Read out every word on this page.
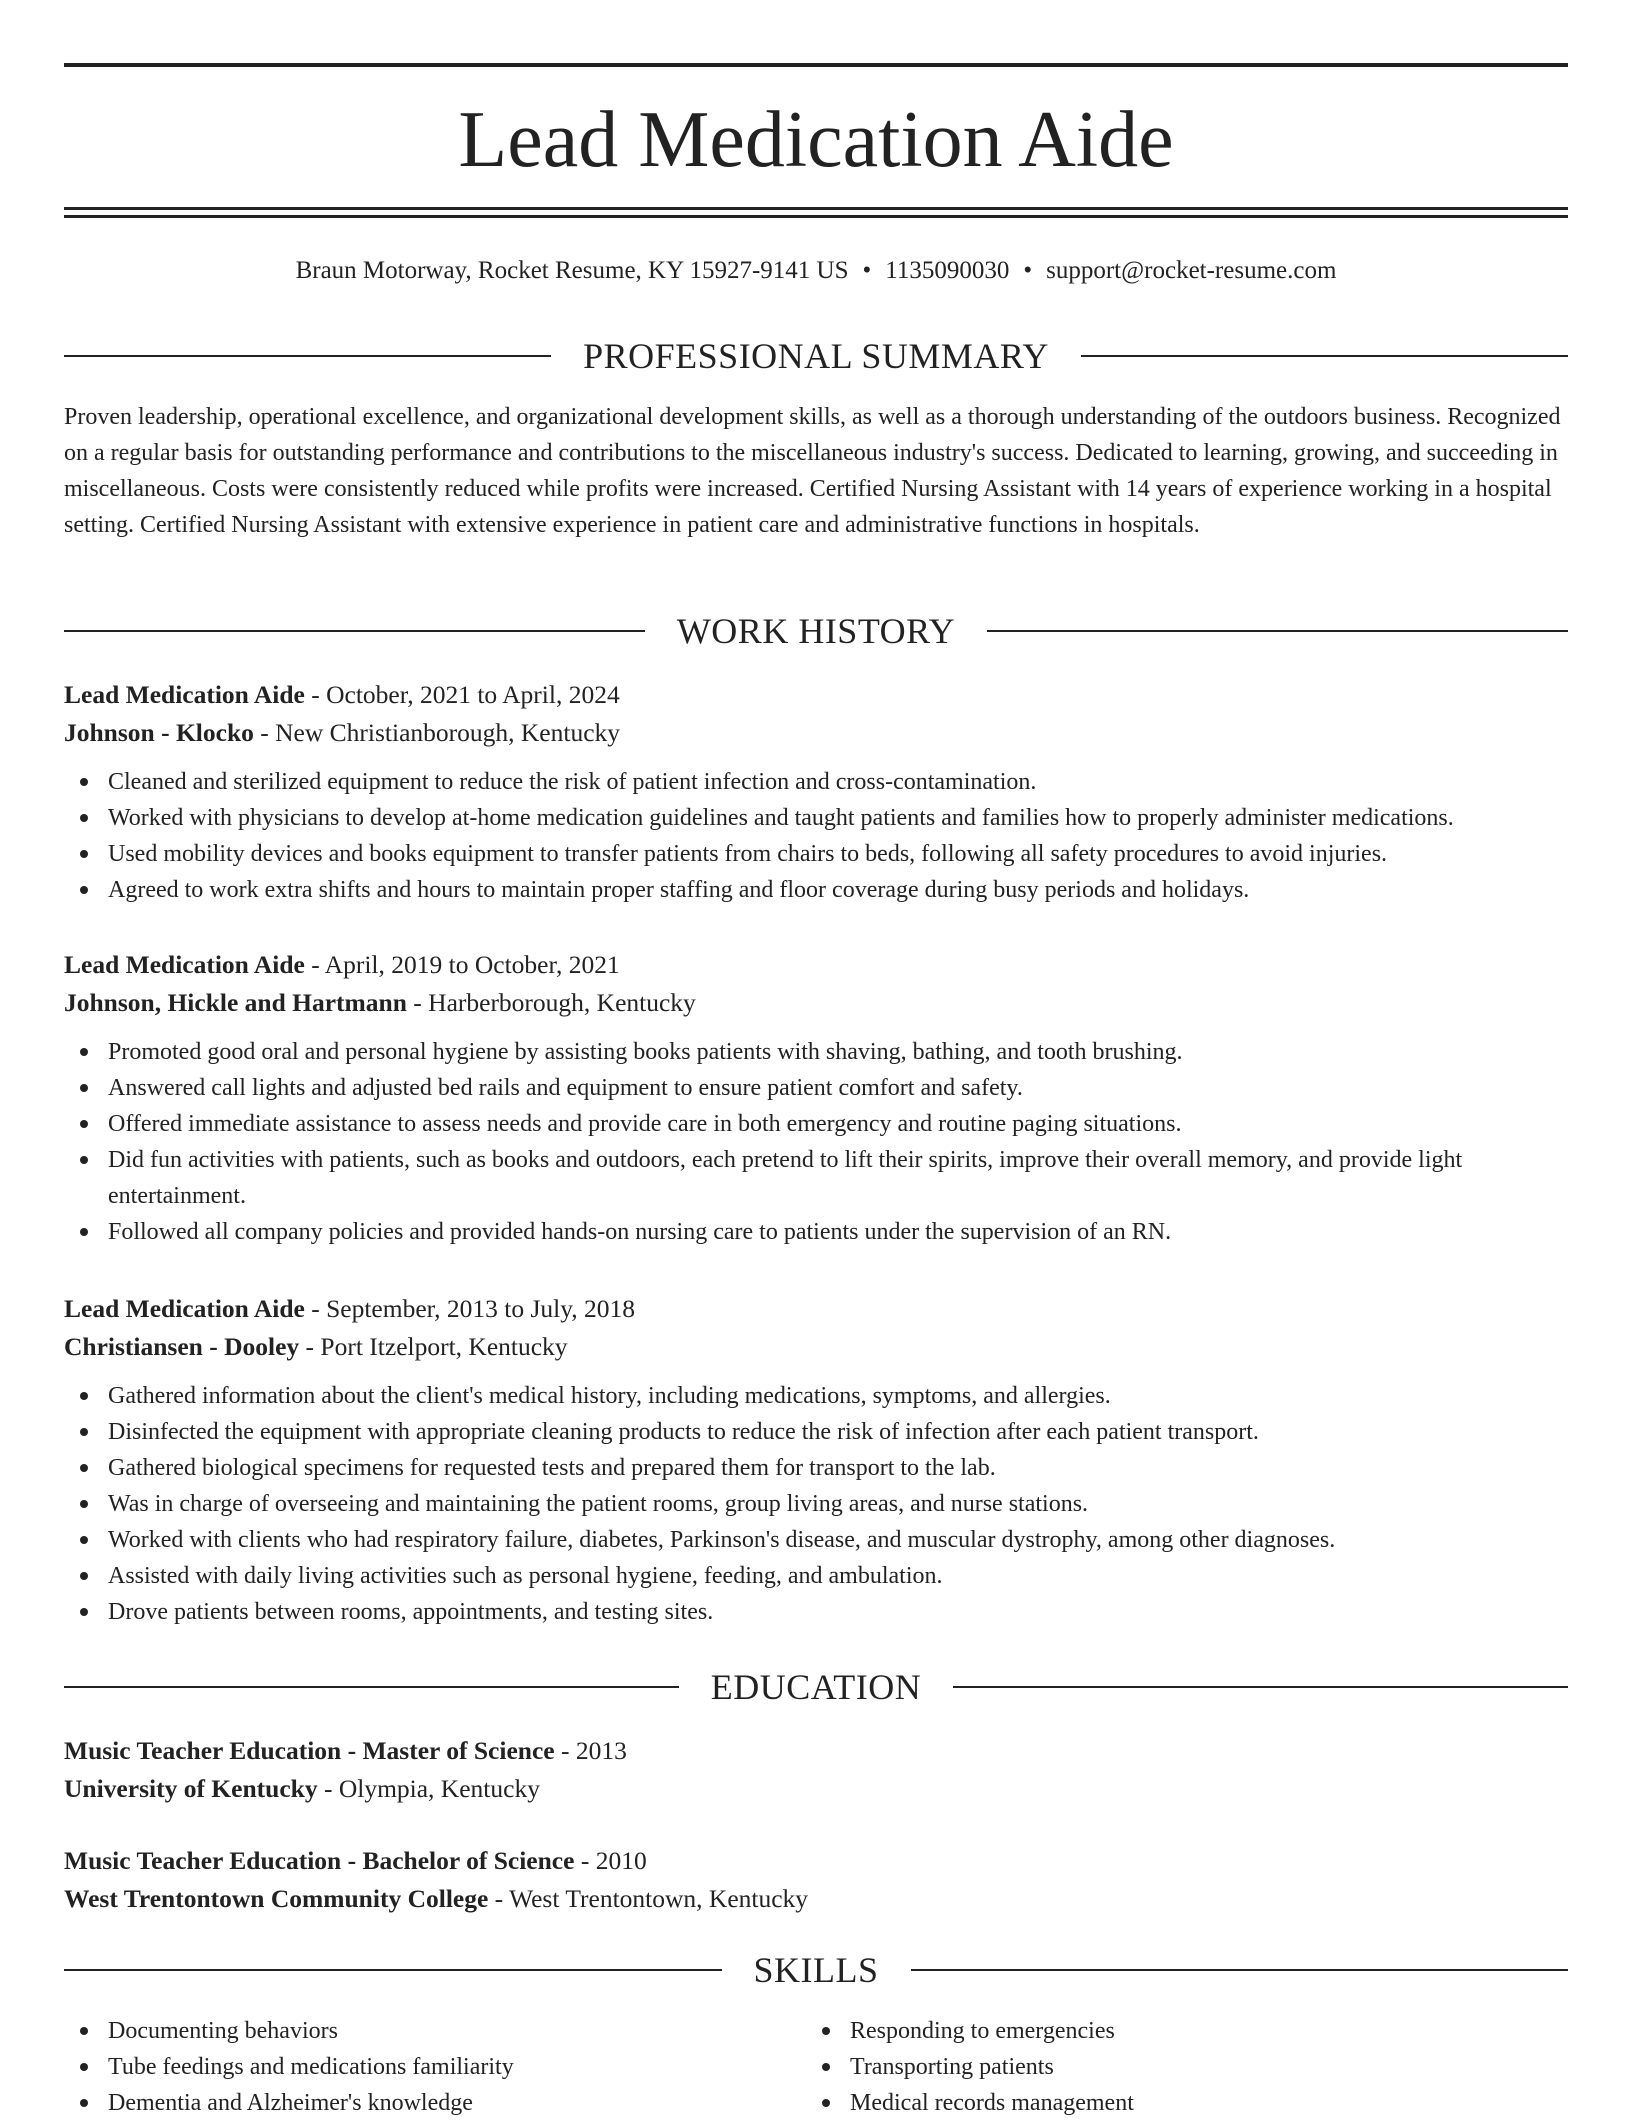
Lead Medication Aide
Braun Motorway, Rocket Resume, KY 15927-9141 US • 1135090030 • support@rocket-resume.com
PROFESSIONAL SUMMARY

Proven leadership, operational excellence, and organizational development skills, as well as a thorough understanding of the outdoors business. Recognized on a regular basis for outstanding performance and contributions to the miscellaneous industry's success. Dedicated to learning, growing, and succeeding in miscellaneous. Costs were consistently reduced while profits were increased. Certified Nursing Assistant with 14 years of experience working in a hospital setting. Certified Nursing Assistant with extensive experience in patient care and administrative functions in hospitals.

WORK HISTORY

Lead Medication Aide - October, 2021 to April, 2024

Johnson - Klocko - New Christianborough, Kentucky

Cleaned and sterilized equipment to reduce the risk of patient infection and cross-contamination.
Worked with physicians to develop at-home medication guidelines and taught patients and families how to properly administer medications.
Used mobility devices and books equipment to transfer patients from chairs to beds, following all safety procedures to avoid injuries.
Agreed to work extra shifts and hours to maintain proper staffing and floor coverage during busy periods and holidays.

Lead Medication Aide - April, 2019 to October, 2021

Johnson, Hickle and Hartmann - Harberborough, Kentucky

Promoted good oral and personal hygiene by assisting books patients with shaving, bathing, and tooth brushing.
Answered call lights and adjusted bed rails and equipment to ensure patient comfort and safety.
Offered immediate assistance to assess needs and provide care in both emergency and routine paging situations.
Did fun activities with patients, such as books and outdoors, each pretend to lift their spirits, improve their overall memory, and provide light entertainment.
Followed all company policies and provided hands-on nursing care to patients under the supervision of an RN.

Lead Medication Aide - September, 2013 to July, 2018

Christiansen - Dooley - Port Itzelport, Kentucky

Gathered information about the client's medical history, including medications, symptoms, and allergies.
Disinfected the equipment with appropriate cleaning products to reduce the risk of infection after each patient transport.
Gathered biological specimens for requested tests and prepared them for transport to the lab.
Was in charge of overseeing and maintaining the patient rooms, group living areas, and nurse stations.
Worked with clients who had respiratory failure, diabetes, Parkinson's disease, and muscular dystrophy, among other diagnoses.
Assisted with daily living activities such as personal hygiene, feeding, and ambulation.
Drove patients between rooms, appointments, and testing sites.
EDUCATION

Music Teacher Education - Master of Science - 2013

University of Kentucky - Olympia, Kentucky

Music Teacher Education - Bachelor of Science - 2010

West Trentontown Community College - West Trentontown, Kentucky

SKILLS
Documenting behaviors
Tube feedings and medications familiarity
Dementia and Alzheimer's knowledge
Responding to emergencies
Transporting patients
Medical records management
